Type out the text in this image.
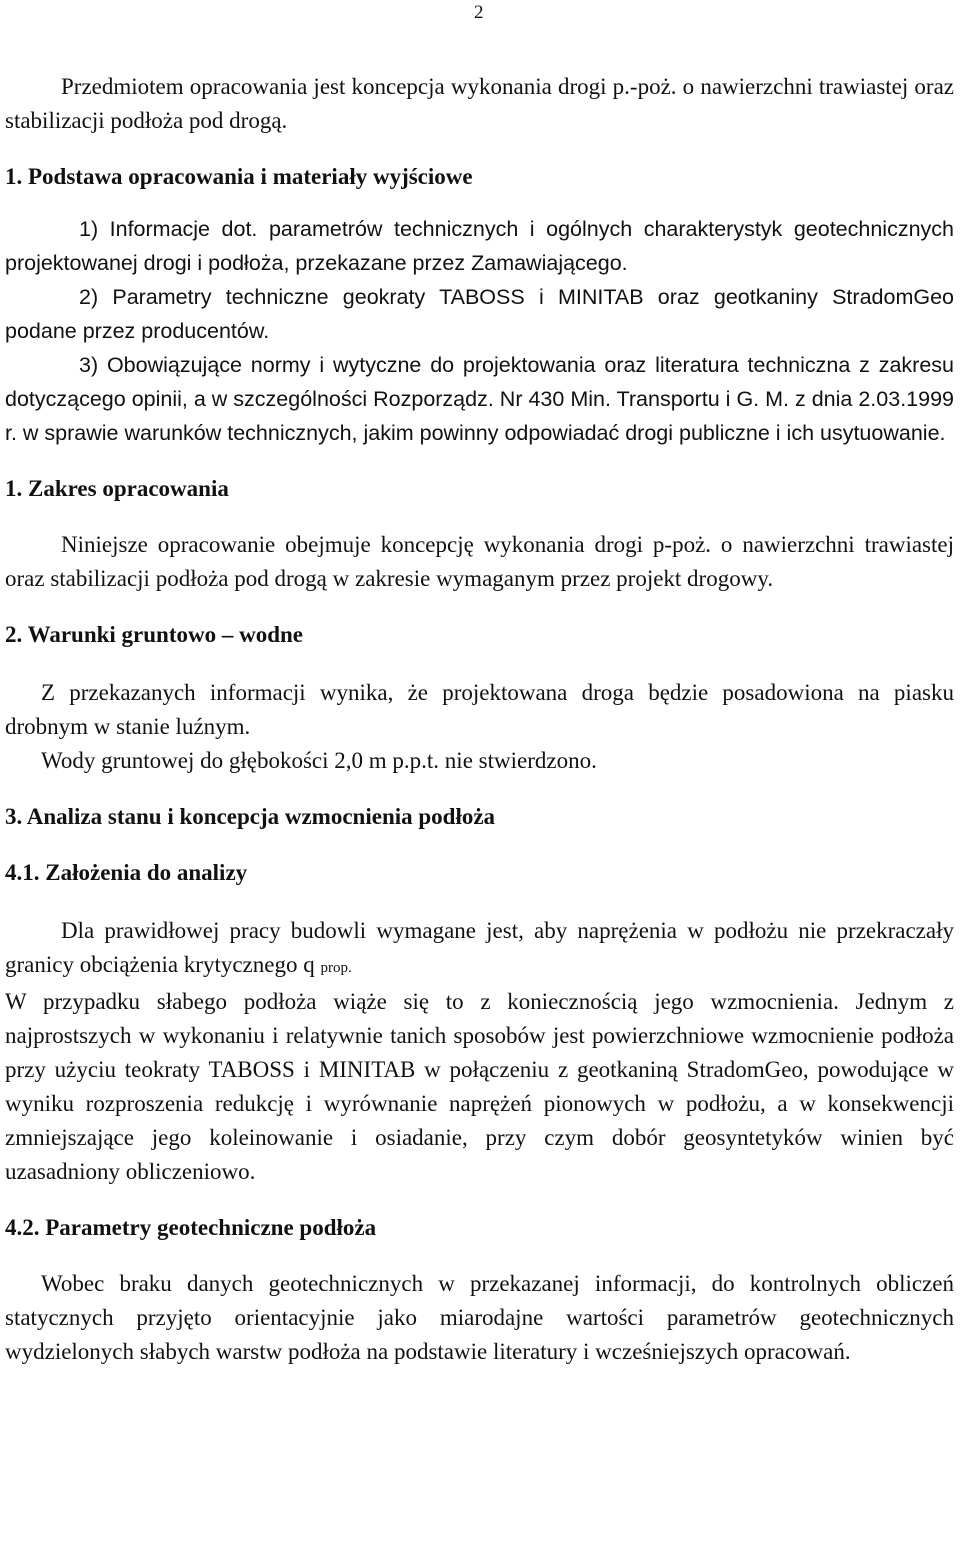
2

Przedmiotem opracowania jest koncepcja wykonania drogi p.-poż. o nawierzchni trawiastej oraz stabilizacji podłoża pod drogą.

1. Podstawa opracowania i materiały wyjściowe

1) Informacje dot. parametrów technicznych i ogólnych charakterystyk geotechnicznych projektowanej drogi i podłoża, przekazane przez Zamawiającego.

2) Parametry techniczne geokraty TABOSS i MINITAB oraz geotkaniny StradomGeo podane przez producentów.

3) Obowiązujące normy i wytyczne do projektowania oraz literatura techniczna z zakresu dotyczącego opinii, a w szczególności Rozporządz. Nr 430 Min. Transportu i G. M. z dnia 2.03.1999 r. w sprawie warunków technicznych, jakim powinny odpowiadać drogi publiczne i ich usytuowanie.

1. Zakres opracowania

Niniejsze opracowanie obejmuje koncepcję wykonania drogi p-poż. o nawierzchni trawiastej oraz stabilizacji podłoża pod drogą w zakresie wymaganym przez projekt drogowy.

2. Warunki gruntowo – wodne

Z przekazanych informacji wynika, że projektowana droga będzie posadowiona na piasku drobnym w stanie luźnym.

Wody gruntowej do głębokości 2,0 m p.p.t. nie stwierdzono.

3. Analiza stanu i koncepcja wzmocnienia podłoża

4.1. Założenia do analizy

Dla prawidłowej pracy budowli wymagane jest, aby naprężenia w podłożu nie przekraczały granicy obciążenia krytycznego q prop.

W przypadku słabego podłoża wiąże się to z koniecznością jego wzmocnienia. Jednym z najprostszych w wykonaniu i relatywnie tanich sposobów jest powierzchniowe wzmocnienie podłoża przy użyciu teokraty TABOSS i MINITAB w połączeniu z geotkaniną StradomGeo, powodujące w wyniku rozproszenia redukcję i wyrównanie naprężeń pionowych w podłożu, a w konsekwencji zmniejszające jego koleinowanie i osiadanie, przy czym dobór geosyntetyków winien być uzasadniony obliczeniowo.

4.2. Parametry geotechniczne podłoża

Wobec braku danych geotechnicznych w przekazanej informacji, do kontrolnych obliczeń statycznych przyjęto orientacyjnie jako miarodajne wartości parametrów geotechnicznych wydzielonych słabych warstw podłoża na podstawie literatury i wcześniejszych opracowań.
